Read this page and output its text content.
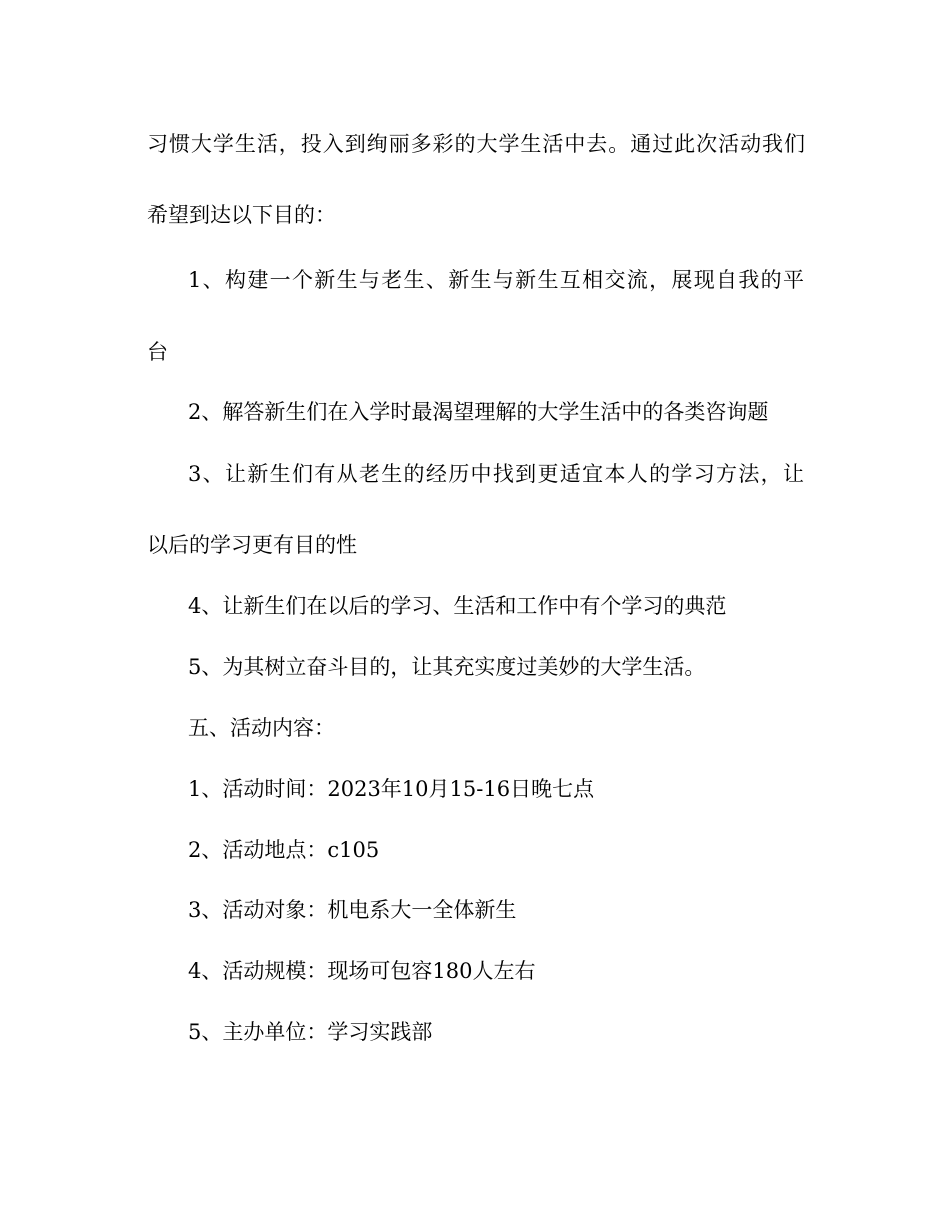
习惯大学生活，投入到绚丽多彩的大学生活中去。通过此次活动我们
希望到达以下目的：
1、构建一个新生与老生、新生与新生互相交流，展现自我的平
台
2、解答新生们在入学时最渴望理解的大学生活中的各类咨询题
3、让新生们有从老生的经历中找到更适宜本人的学习方法，让
以后的学习更有目的性
4、让新生们在以后的学习、生活和工作中有个学习的典范
5、为其树立奋斗目的，让其充实度过美妙的大学生活。
五、活动内容：
1、活动时间：2023年10月15-16日晚七点
2、活动地点：c105
3、活动对象：机电系大一全体新生
4、活动规模：现场可包容180人左右
5、主办单位：学习实践部
